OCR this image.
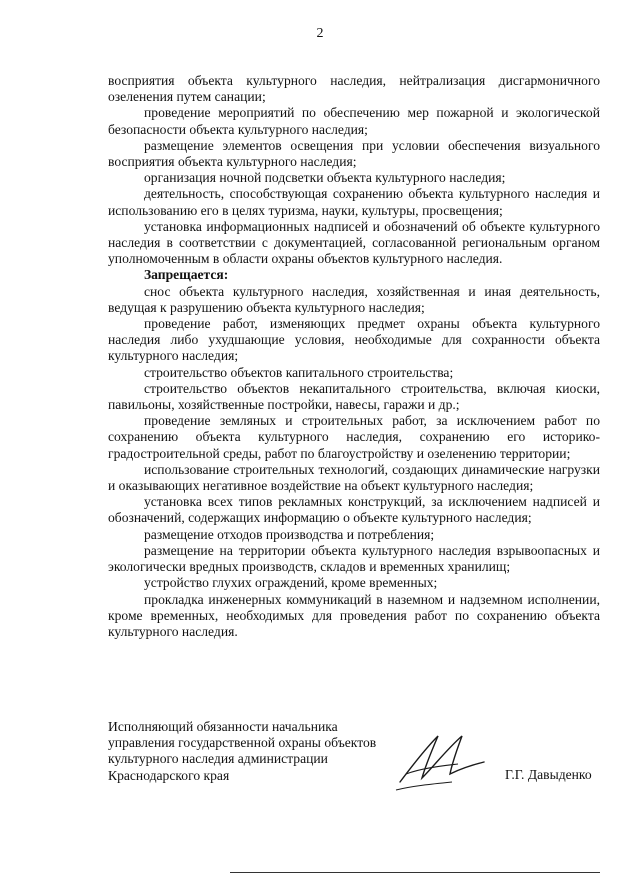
2

восприятия объекта культурного наследия, нейтрализация дисгармоничного озеленения путем санации;

проведение мероприятий по обеспечению мер пожарной и экологической безопасности объекта культурного наследия;

размещение элементов освещения при условии обеспечения визуального восприятия объекта культурного наследия;

организация ночной подсветки объекта культурного наследия;

деятельность, способствующая сохранению объекта культурного наследия и использованию его в целях туризма, науки, культуры, просвещения;

установка информационных надписей и обозначений об объекте культурного наследия в соответствии с документацией, согласованной региональным органом уполномоченным в области охраны объектов культурного наследия.

Запрещается:

снос объекта культурного наследия, хозяйственная и иная деятельность, ведущая к разрушению объекта культурного наследия;

проведение работ, изменяющих предмет охраны объекта культурного наследия либо ухудшающие условия, необходимые для сохранности объекта культурного наследия;

строительство объектов капитального строительства;

строительство объектов некапитального строительства, включая киоски, павильоны, хозяйственные постройки, навесы, гаражи и др.;

проведение земляных и строительных работ, за исключением работ по сохранению объекта культурного наследия, сохранению его историко-градостроительной среды, работ по благоустройству и озеленению территории;

использование строительных технологий, создающих динамические нагрузки и оказывающих негативное воздействие на объект культурного наследия;

установка всех типов рекламных конструкций, за исключением надписей и обозначений, содержащих информацию о объекте культурного наследия;

размещение отходов производства и потребления;

размещение на территории объекта культурного наследия взрывоопасных и экологически вредных производств, складов и временных хранилищ;

устройство глухих ограждений, кроме временных;

прокладка инженерных коммуникаций в наземном и надземном исполнении, кроме временных, необходимых для проведения работ по сохранению объекта культурного наследия.

Исполняющий обязанности начальника
управления государственной охраны объектов
культурного наследия администрации
Краснодарского края	Г.Г. Давыденко
